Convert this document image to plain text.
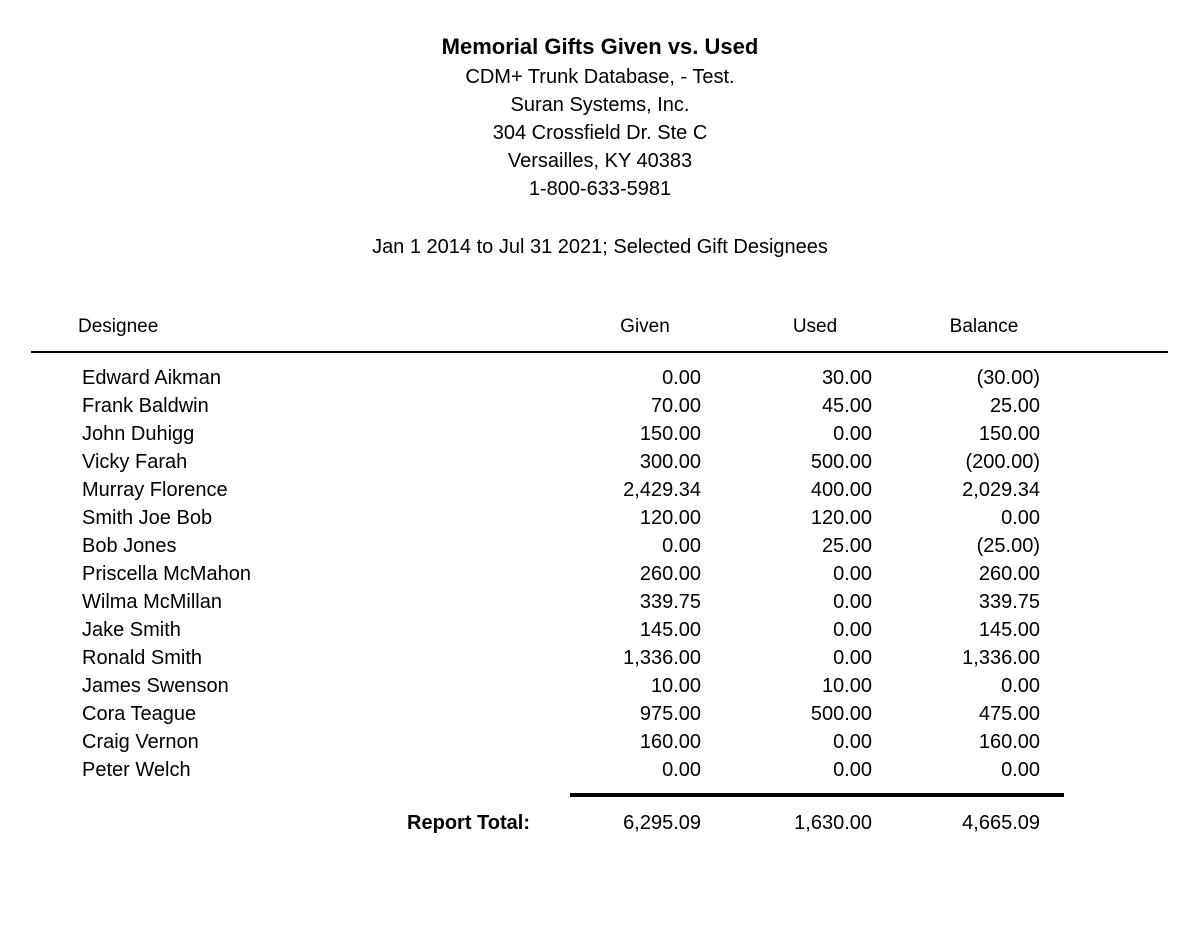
Memorial Gifts Given vs. Used
CDM+ Trunk Database, - Test.
Suran Systems, Inc.
304 Crossfield Dr. Ste C
Versailles, KY 40383
1-800-633-5981
Jan 1 2014 to Jul 31 2021; Selected Gift Designees
Designee	Given	Used	Balance
Edward Aikman	0.00	30.00	(30.00)
Frank Baldwin	70.00	45.00	25.00
John Duhigg	150.00	0.00	150.00
Vicky Farah	300.00	500.00	(200.00)
Murray Florence	2,429.34	400.00	2,029.34
Smith Joe Bob	120.00	120.00	0.00
Bob Jones	0.00	25.00	(25.00)
Priscella McMahon	260.00	0.00	260.00
Wilma McMillan	339.75	0.00	339.75
Jake Smith	145.00	0.00	145.00
Ronald Smith	1,336.00	0.00	1,336.00
James Swenson	10.00	10.00	0.00
Cora Teague	975.00	500.00	475.00
Craig Vernon	160.00	0.00	160.00
Peter Welch	0.00	0.00	0.00
Report Total:	6,295.09	1,630.00	4,665.09
